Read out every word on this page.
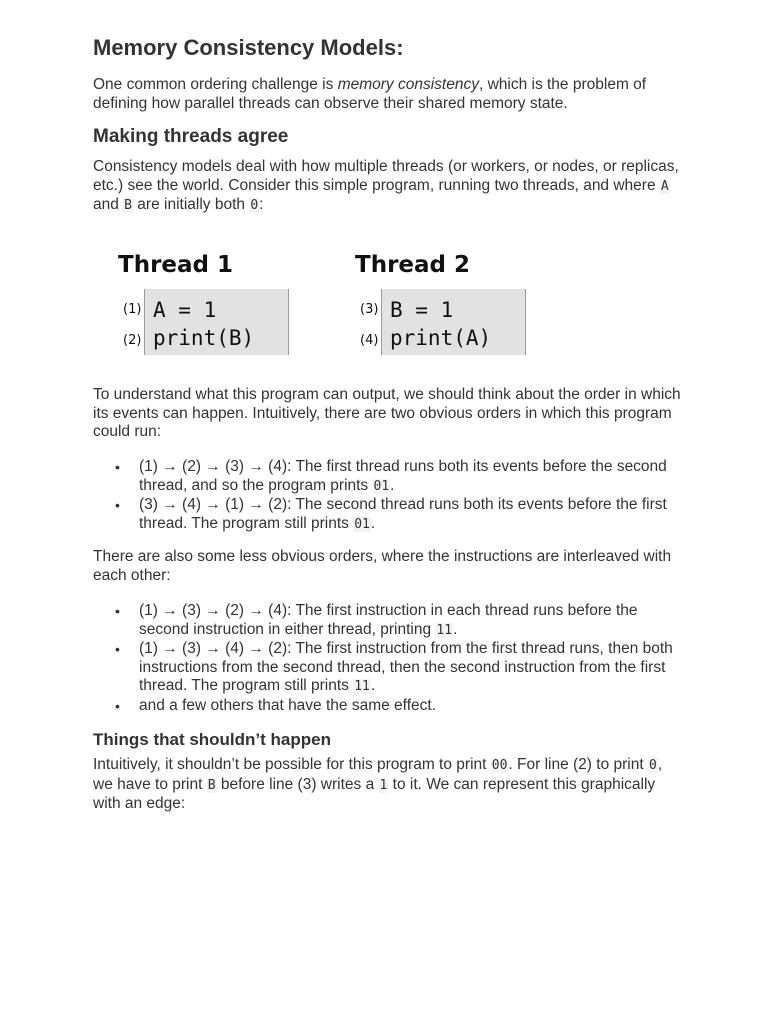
Memory Consistency Models:

One common ordering challenge is memory consistency, which is the problem of defining how parallel threads can observe their shared memory state.

Making threads agree

Consistency models deal with how multiple threads (or workers, or nodes, or replicas, etc.) see the world. Consider this simple program, running two threads, and where A and B are initially both 0:

Thread 1
(1)
(2)
A = 1
print(B)
Thread 2
(3)
(4)
B = 1
print(A)

To understand what this program can output, we should think about the order in which its events can happen. Intuitively, there are two obvious orders in which this program could run:

• (1) → (2) → (3) → (4): The first thread runs both its events before the second thread, and so the program prints 01.
• (3) → (4) → (1) → (2): The second thread runs both its events before the first thread. The program still prints 01.

There are also some less obvious orders, where the instructions are interleaved with each other:

• (1) → (3) → (2) → (4): The first instruction in each thread runs before the second instruction in either thread, printing 11.
• (1) → (3) → (4) → (2): The first instruction from the first thread runs, then both instructions from the second thread, then the second instruction from the first thread. The program still prints 11.
• and a few others that have the same effect.
Things that shouldn’t happen

Intuitively, it shouldn’t be possible for this program to print 00. For line (2) to print 0, we have to print B before line (3) writes a 1 to it. We can represent this graphically with an edge:
